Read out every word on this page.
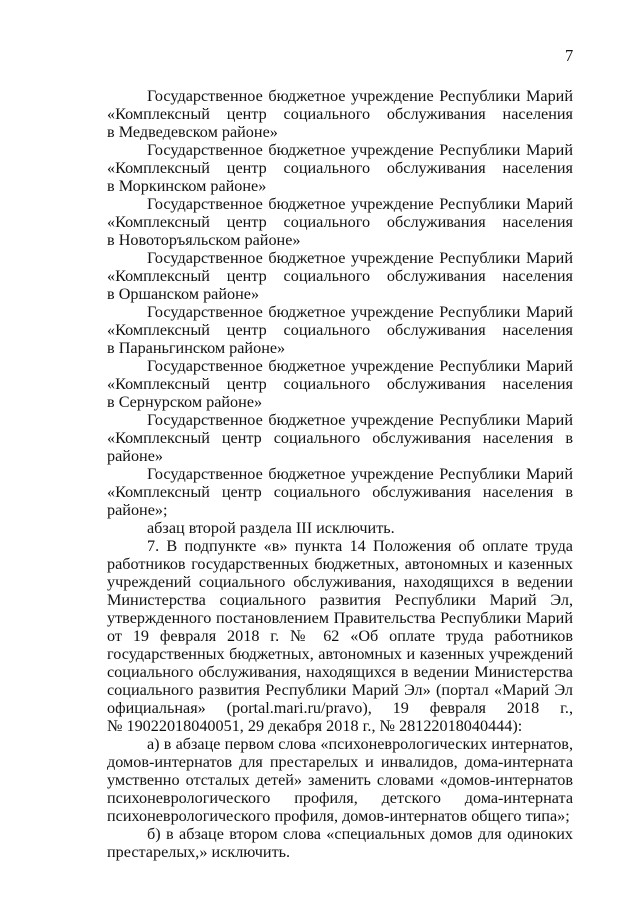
7
Государственное бюджетное учреждение Республики Марий
«Комплексный центр социального обслуживания населения
в Медведевском районе»
Государственное бюджетное учреждение Республики Марий
«Комплексный центр социального обслуживания населения
в Моркинском районе»
Государственное бюджетное учреждение Республики Марий
«Комплексный центр социального обслуживания населения
в Новоторъяльском районе»
Государственное бюджетное учреждение Республики Марий
«Комплексный центр социального обслуживания населения
в Оршанском районе»
Государственное бюджетное учреждение Республики Марий
«Комплексный центр социального обслуживания населения
в Параньгинском районе»
Государственное бюджетное учреждение Республики Марий
«Комплексный центр социального обслуживания населения
в Сернурском районе»
Государственное бюджетное учреждение Республики Марий
«Комплексный центр социального обслуживания населения в
районе»
Государственное бюджетное учреждение Республики Марий
«Комплексный центр социального обслуживания населения в
районе»;
абзац второй раздела III исключить.
7. В подпункте «в» пункта 14 Положения об оплате труда
работников государственных бюджетных, автономных и казенных
учреждений социального обслуживания, находящихся в ведении
Министерства социального развития Республики Марий Эл,
утвержденного постановлением Правительства Республики Марий
от 19 февраля 2018 г. № 62 «Об оплате труда работников
государственных бюджетных, автономных и казенных учреждений
социального обслуживания, находящихся в ведении Министерства
социального развития Республики Марий Эл» (портал «Марий Эл
официальная» (portal.mari.ru/pravo), 19 февраля 2018 г.,
№ 19022018040051, 29 декабря 2018 г., № 28122018040444):
а) в абзаце первом слова «психоневрологических интернатов,
домов-интернатов для престарелых и инвалидов, дома-интерната
умственно отсталых детей» заменить словами «домов-интернатов
психоневрологического профиля, детского дома-интерната
психоневрологического профиля, домов-интернатов общего типа»;
б) в абзаце втором слова «специальных домов для одиноких
престарелых,» исключить.
